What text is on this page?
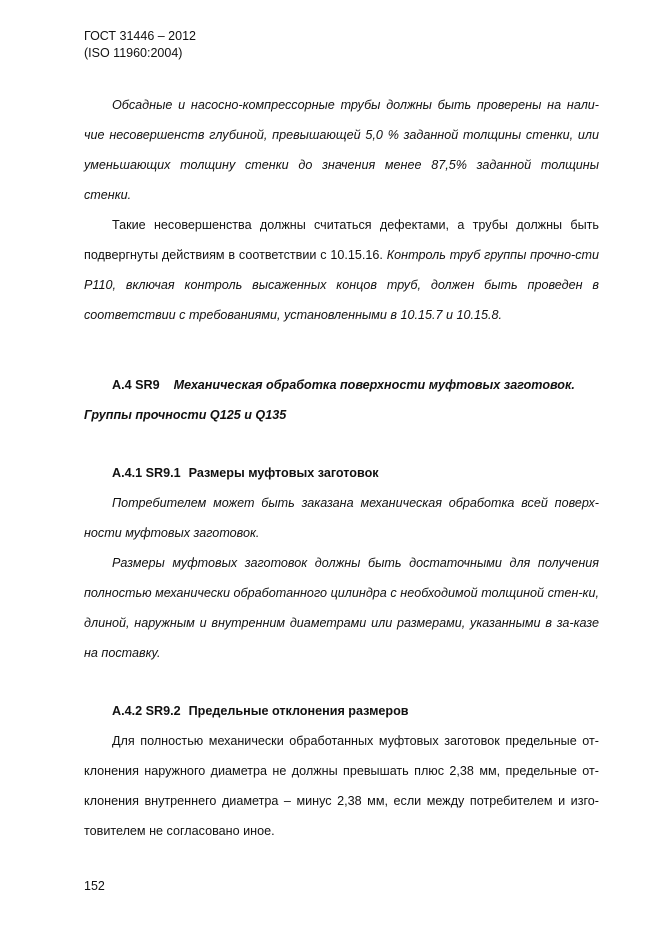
ГОСТ 31446 – 2012
(ISO 11960:2004)

Обсадные и насосно-компрессорные трубы должны быть проверены на нали-чие несовершенств глубиной, превышающей 5,0 % заданной толщины стенки, или уменьшающих толщину стенки до значения менее 87,5% заданной толщины стенки.

Такие несовершенства должны считаться дефектами, а трубы должны быть подвергнуты действиям в соответствии с 10.15.16. Контроль труб группы прочно-сти Р110, включая контроль высаженных концов труб, должен быть проведен в соответствии с требованиями, установленными в 10.15.7 и 10.15.8.

А.4 SR9 Механическая обработка поверхности муфтовых заготовок. Группы прочности Q125 и Q135

А.4.1 SR9.1 Размеры муфтовых заготовок

Потребителем может быть заказана механическая обработка всей поверх-ности муфтовых заготовок.

Размеры муфтовых заготовок должны быть достаточными для получения полностью механически обработанного цилиндра с необходимой толщиной стен-ки, длиной, наружным и внутренним диаметрами или размерами, указанными в за-казе на поставку.

А.4.2 SR9.2 Предельные отклонения размеров

Для полностью механически обработанных муфтовых заготовок предельные от-клонения наружного диаметра не должны превышать плюс 2,38 мм, предельные от-клонения внутреннего диаметра – минус 2,38 мм, если между потребителем и изго-товителем не согласовано иное.

152
